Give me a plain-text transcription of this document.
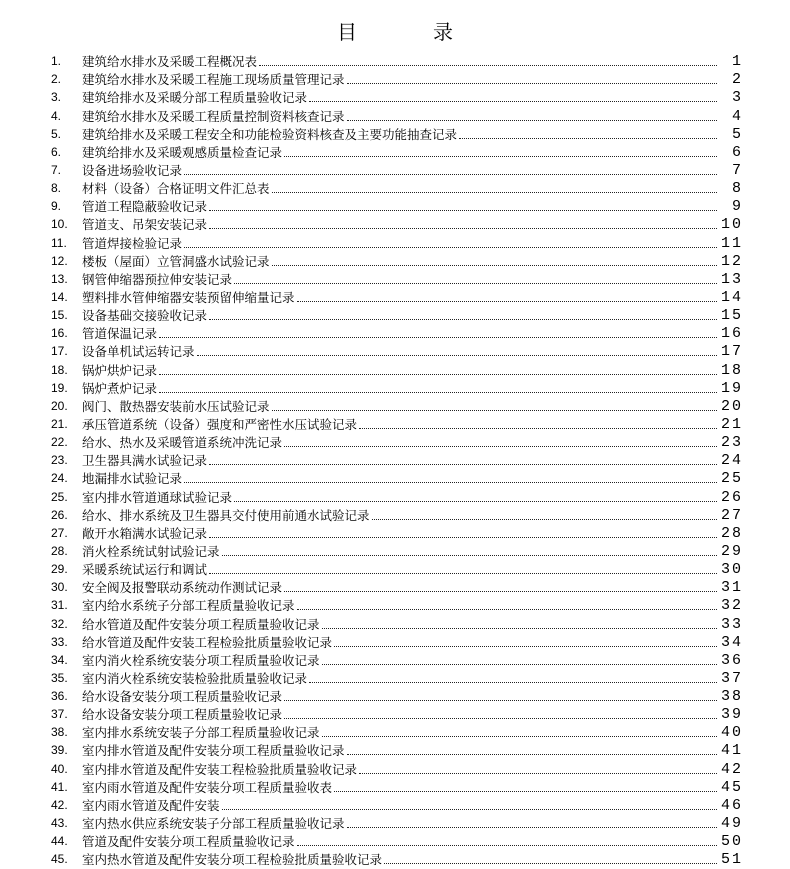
目　录
1.	建筑给水排水及采暖工程概况表	1
2.	建筑给水排水及采暖工程施工现场质量管理记录	2
3.	建筑给排水及采暖分部工程质量验收记录	3
4.	建筑给水排水及采暖工程质量控制资料核查记录	4
5.	建筑给排水及采暖工程安全和功能检验资料核查及主要功能抽查记录	5
6.	建筑给排水及采暖观感质量检查记录	6
7.	设备进场验收记录	7
8.	材料（设备）合格证明文件汇总表	8
9.	管道工程隐蔽验收记录	9
10.	管道支、吊架安装记录	10
11.	管道焊接检验记录	11
12.	楼板（屋面）立管洞盛水试验记录	12
13.	钢管伸缩器预拉伸安装记录	13
14.	塑料排水管伸缩器安装预留伸缩量记录	14
15.	设备基础交接验收记录	15
16.	管道保温记录	16
17.	设备单机试运转记录	17
18.	锅炉烘炉记录	18
19.	锅炉煮炉记录	19
20.	阀门、散热器安装前水压试验记录	20
21.	承压管道系统（设备）强度和严密性水压试验记录	21
22.	给水、热水及采暖管道系统冲洗记录	23
23.	卫生器具满水试验记录	24
24.	地漏排水试验记录	25
25.	室内排水管道通球试验记录	26
26.	给水、排水系统及卫生器具交付使用前通水试验记录	27
27.	敞开水箱满水试验记录	28
28.	消火栓系统试射试验记录	29
29.	采暖系统试运行和调试	30
30.	安全阀及报警联动系统动作测试记录	31
31.	室内给水系统子分部工程质量验收记录	32
32.	给水管道及配件安装分项工程质量验收记录	33
33.	给水管道及配件安装工程检验批质量验收记录	34
34.	室内消火栓系统安装分项工程质量验收记录	36
35.	室内消火栓系统安装检验批质量验收记录	37
36.	给水设备安装分项工程质量验收记录	38
37.	给水设备安装分项工程质量验收记录	39
38.	室内排水系统安装子分部工程质量验收记录	40
39.	室内排水管道及配件安装分项工程质量验收记录	41
40.	室内排水管道及配件安装工程检验批质量验收记录	42
41.	室内雨水管道及配件安装分项工程质量验收表	45
42.	室内雨水管道及配件安装	46
43.	室内热水供应系统安装子分部工程质量验收记录	49
44.	管道及配件安装分项工程质量验收记录	50
45.	室内热水管道及配件安装分项工程检验批质量验收记录	51
